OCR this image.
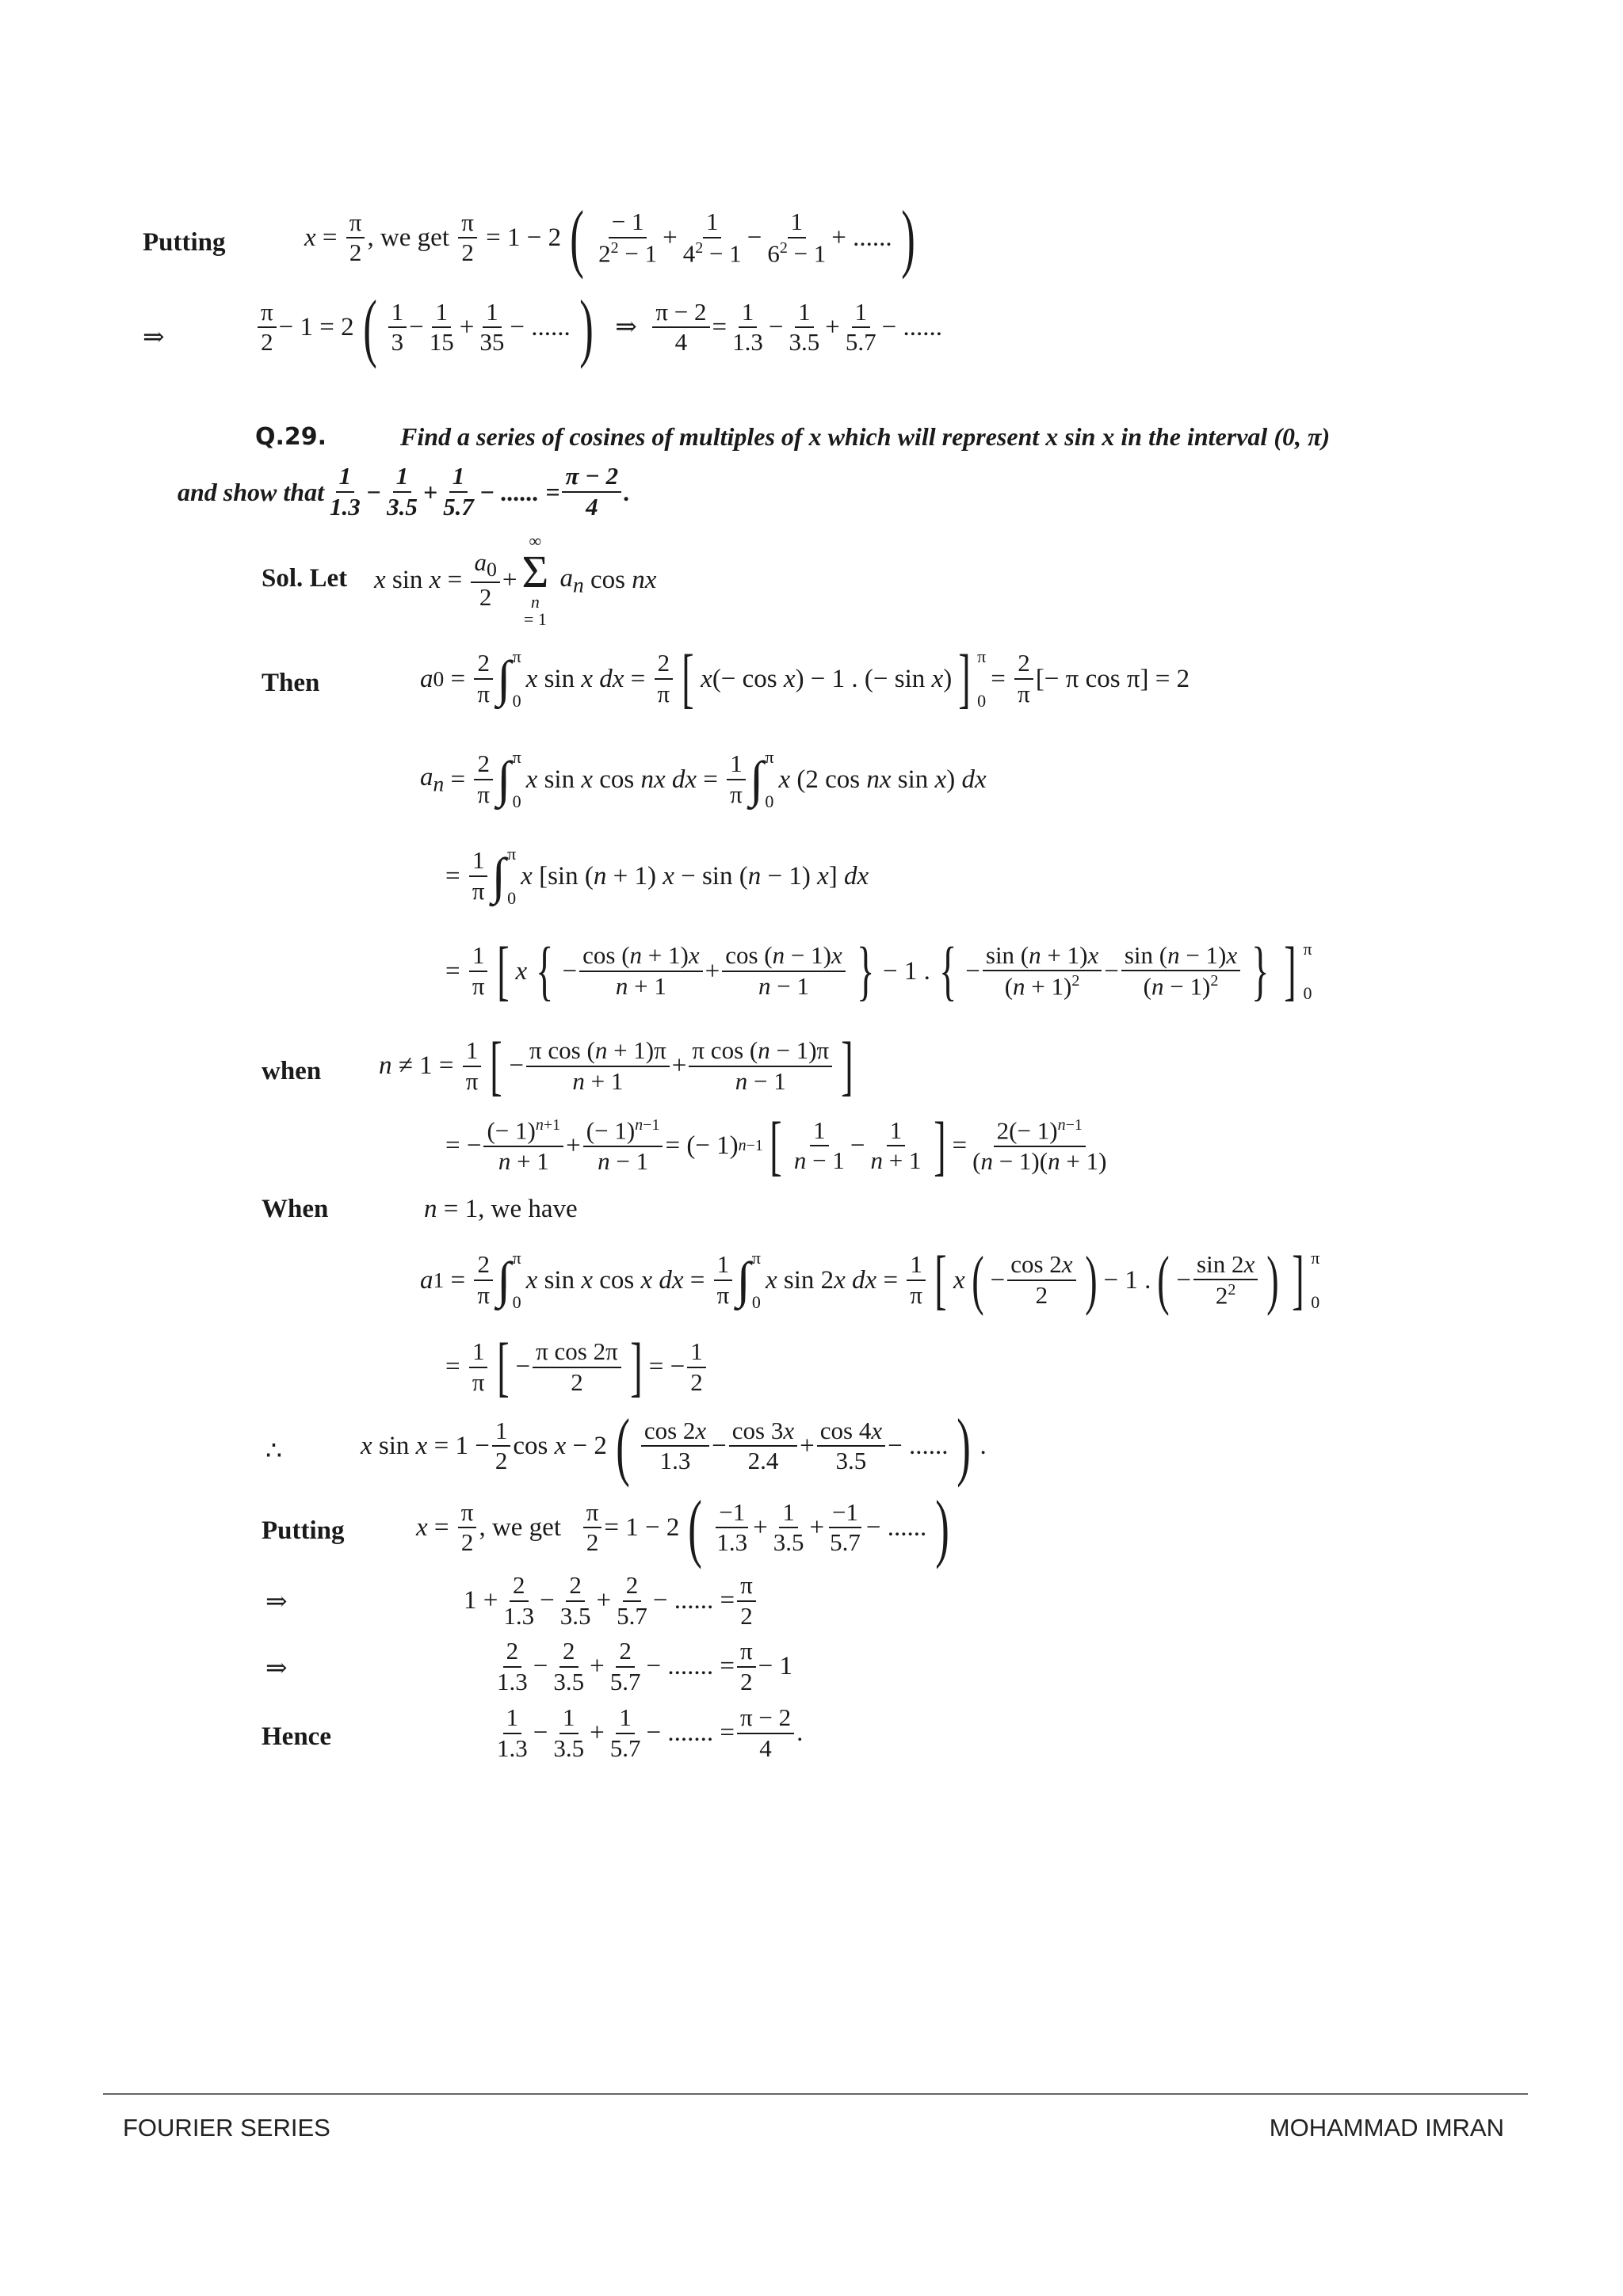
Putting	$x = \frac{\pi}{2}$ , we get $\frac{\pi}{2} = 1 - 2$ ( $\frac{- 1}{2^2 - 1} + \frac{1}{4^2 - 1} - \frac{1}{6^2 - 1}$ + ...... )
⇒	$\frac{\pi}{2} - 1 = 2$ ( $\frac{1}{3} - \frac{1}{15} + \frac{1}{35}$ − ...... ) ⇒ $\frac{\pi - 2}{4} = \frac{1}{1.3} - \frac{1}{3.5} + \frac{1}{5.7}$ − ......
Q.29.	Find a series of cosines of multiples of x which will represent x sin x in the interval (0, π)
and show that $\frac{1}{1.3} - \frac{1}{3.5} + \frac{1}{5.7}$ − ...... = $\frac{\pi - 2}{4}$ .
Sol. Let x $\sin x = \frac{a_0}{2}$ +
∞
Σ
n
= 1

$a_n$ cos nx
Then	a $0 = \frac{2}{\pi}$ ∫ π
0
x sin x dx = $\frac{2}{\pi}$ [ x (− cos x ) − 1 . (− sin x ) ] π
0
= $\frac{2}{\pi}$ [− π cos π] = 2
$a_n = \frac{2}{\pi}$ ∫ π
0
x sin x cos nx dx = $\frac{1}{\pi}$ ∫ π
0
x (2 cos nx sin x ) dx
= $\frac{1}{\pi}$ ∫ π
0
x [sin ( n + 1) x − sin ( n − 1) x ] dx
= $\frac{1}{\pi}$ [ x { − $\frac{\cos (n + 1)x}{n + 1} + \frac{\cos (n - 1)x}{n - 1}$ } − 1 . { − $\frac{\sin (n + 1)x}{(n + 1)^2} - \frac{\sin (n - 1)x}{(n - 1)^2}$ } ] π
0
when $n \ne 1 = \frac{1}{\pi}$ [ − $\frac{\text{π cos (n + 1)π}}{n + 1} + \frac{\text{π cos (n − 1)π}}{n - 1}$ ]
= − $\frac{(- 1)^{n+1}}{n + 1} + \frac{(- 1)^{n-1}}{n - 1}$ = (− 1) n−1 [ $\frac{1}{n - 1} - \frac{1}{n + 1}$ ] = $\frac{2(- 1)^{n-1}}{(n - 1)(n + 1)}$
When	n = 1, we have
a $1 = \frac{2}{\pi}$ ∫ π
0
x sin x cos x dx = $\frac{1}{\pi}$ ∫ π
0
x sin 2 x dx = $\frac{1}{\pi}$ [ x ( − $\frac{\cos 2x}{2}$ ) − 1 . ( − $\frac{\sin 2x}{2^2}$ ) ] π
0
= $\frac{1}{\pi}$ [ − $\frac{\text{π cos 2π}}{2}$ ] = − $\frac{1}{2}$
∴	x $\sin x = 1 - \frac{1}{2}$ cos x − 2 ( $\frac{\cos 2x}{1.3} - \frac{\cos 3x}{2.4} + \frac{\cos 4x}{3.5}$ − ...... ) .
Putting	$x = \frac{\pi}{2}$ , we get $\frac{\pi}{2} = 1 - 2$ ( $\frac{-1}{1.3} + \frac{1}{3.5} + \frac{-1}{5.7}$ − ...... )
⇒	$1 + \frac{2}{1.3} - \frac{2}{3.5} + \frac{2}{5.7}$ − ...... = $\frac{\pi}{2}$
⇒	$\frac{2}{1.3} - \frac{2}{3.5} + \frac{2}{5.7}$ − ....... = $\frac{\pi}{2} - 1$
Hence	$\frac{1}{1.3} - \frac{1}{3.5} + \frac{1}{5.7}$ − ....... = $\frac{\pi - 2}{4}$ .
FOURIER SERIES	MOHAMMAD IMRAN
